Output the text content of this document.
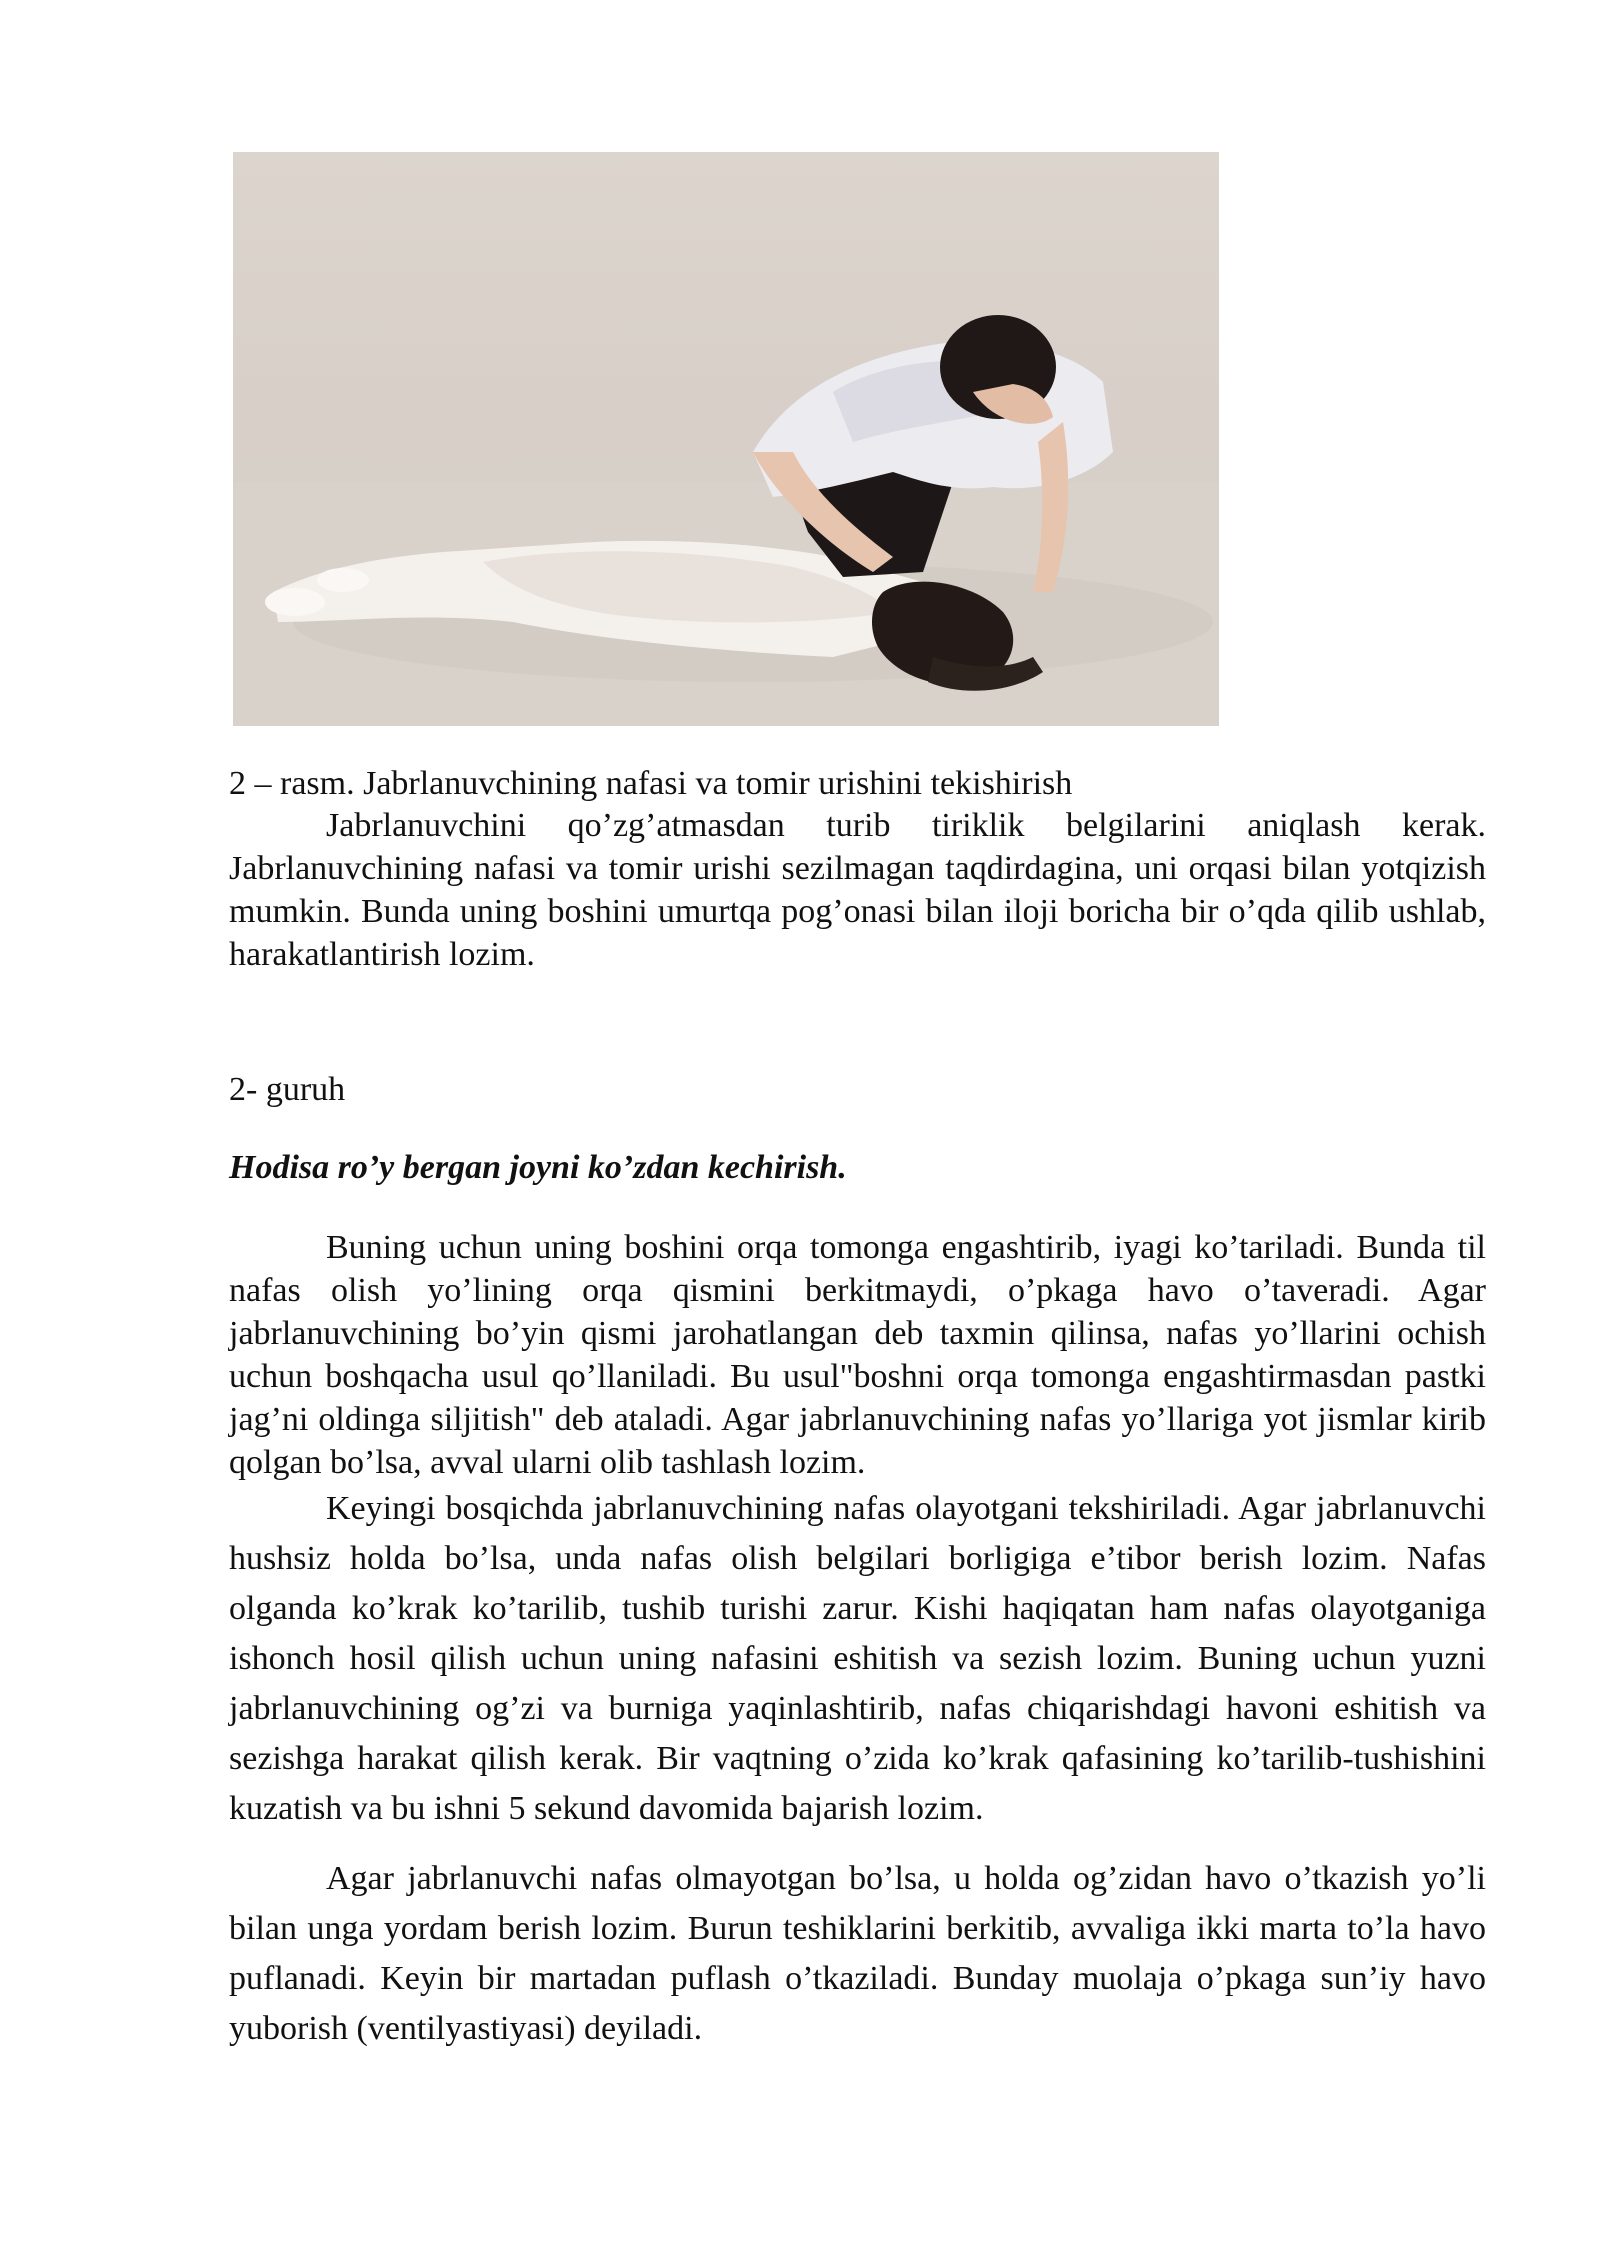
2 – rasm. Jabrlanuvchining nafasi va tomir urishini tekishirish

Jabrlanuvchini qo’zg’atmasdan turib tiriklik belgilarini aniqlash kerak. Jabrlanuvchining nafasi va tomir urishi sezilmagan taqdirdagina, uni orqasi bilan yotqizish mumkin. Bunda uning boshini umurtqa pog’onasi bilan iloji boricha bir o’qda qilib ushlab, harakatlantirish lozim.

2- guruh
Hodisa ro’y bergan joyni ko’zdan kechirish.

Buning uchun uning boshini orqa tomonga engashtirib, iyagi ko’tariladi. Bunda til nafas olish yo’lining orqa qismini berkitmaydi, o’pkaga havo o’taveradi. Agar jabrlanuvchining bo’yin qismi jarohatlangan deb taxmin qilinsa, nafas yo’llarini ochish uchun boshqacha usul qo’llaniladi. Bu usul"boshni orqa tomonga engashtirmasdan pastki jag’ni oldinga siljitish" deb ataladi. Agar jabrlanuvchining nafas yo’llariga yot jismlar kirib qolgan bo’lsa, avval ularni olib tashlash lozim.

Keyingi bosqichda jabrlanuvchining nafas olayotgani tekshiriladi. Agar jabrlanuvchi hushsiz holda bo’lsa, unda nafas olish belgilari borligiga e’tibor berish lozim. Nafas olganda ko’krak ko’tarilib, tushib turishi zarur. Kishi haqiqatan ham nafas olayotganiga ishonch hosil qilish uchun uning nafasini eshitish va sezish lozim. Buning uchun yuzni jabrlanuvchining og’zi va burniga yaqinlashtirib, nafas chiqarishdagi havoni eshitish va sezishga harakat qilish kerak. Bir vaqtning o’zida ko’krak qafasining ko’tarilib-tushishini kuzatish va bu ishni 5 sekund davomida bajarish lozim.

Agar jabrlanuvchi nafas olmayotgan bo’lsa, u holda og’zidan havo o’tkazish yo’li bilan unga yordam berish lozim. Burun teshiklarini berkitib, avvaliga ikki marta to’la havo puflanadi. Keyin bir martadan puflash o’tkaziladi. Bunday muolaja o’pkaga sun’iy havo yuborish (ventilyastiyasi) deyiladi.
